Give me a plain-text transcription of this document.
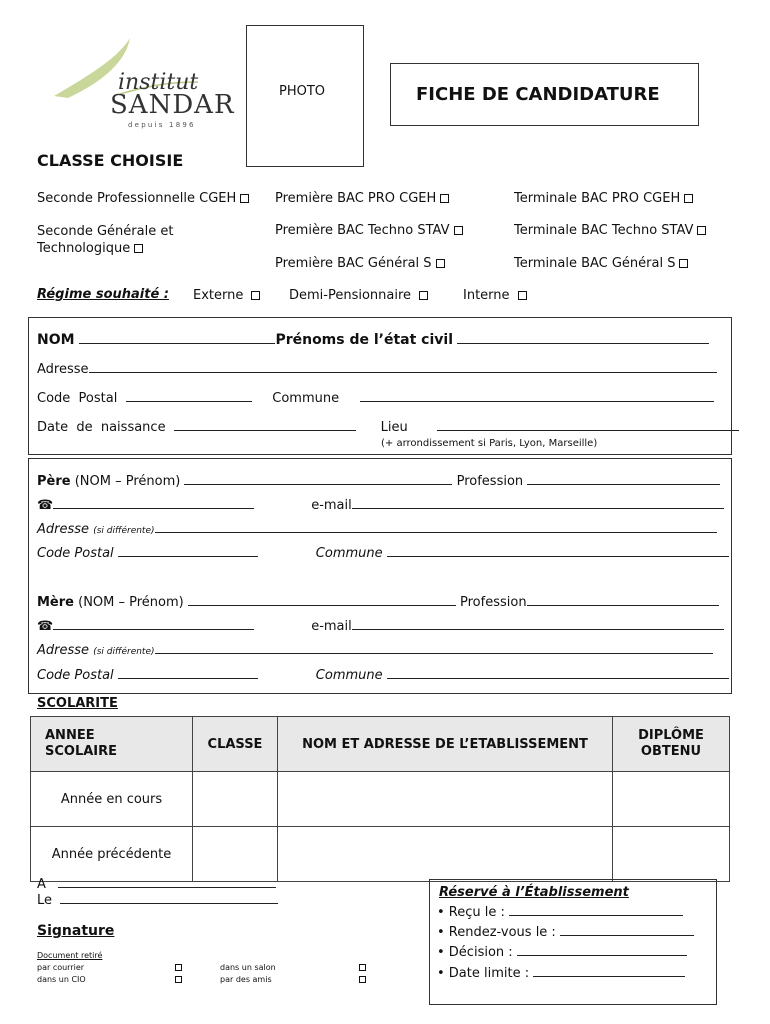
institut
SANDAR
d e p u i s   1 8 9 6
PHOTO	FICHE DE CANDIDATURE
CLASSE CHOISIE
Seconde Professionnelle CGEH	Première BAC PRO CGEH	Terminale BAC PRO CGEH
Seconde Générale et
Technologique
Première BAC Techno STAV	Terminale BAC Techno STAV
Première BAC Général S	Terminale BAC Général S
Régime souhaité : Externe	Demi-Pensionnaire	Interne
NOM	Prénoms de l’état civil
Adresse
Code  Postal	Commune
Date  de  naissance	Lieu
(+ arrondissement si Paris, Lyon, Marseille)
Père (NOM – Prénom)	Profession
☎	e-mail
Adresse (si différente)
Code Postal	Commune
Mère (NOM – Prénom)	Profession
☎	e-mail
Adresse (si différente)
Code Postal	Commune
SCOLARITE
ANNEE
SCOLAIRE	CLASSE	NOM ET ADRESSE DE L’ETABLISSEMENT	DIPLÔME
OBTENU
Année en cours			
Année précédente			
A
Le
Signature
Document retiré
par courrier
dans un CIO
dans un salon
par des amis
Réservé à l’Établissement
• Reçu le :
• Rendez-vous le :
• Décision :
• Date limite :
